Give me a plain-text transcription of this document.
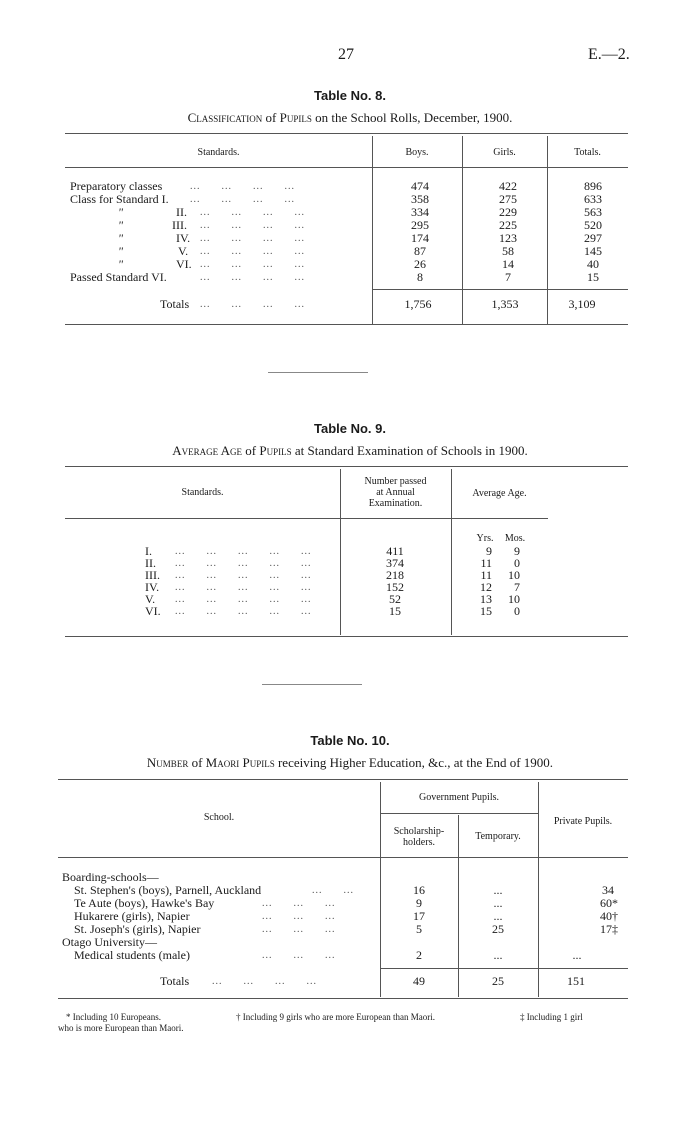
27	E.—2.
Table No. 8.
Classification of Pupils on the School Rolls, December, 1900.
Standards.	Boys.	Girls.	Totals.
Preparatory classes	...      ...      ...      ...	474	422	896
Class for Standard I. ...      ...      ...      ...	358	275	633
"	II. ...      ...      ...      ...	334	229	563
"	III. ...      ...      ...      ...	295	225	520
"	IV. ...      ...      ...      ...	174	123	297
"	V. ...      ...      ...      ...	87	58	145
"	VI. ...      ...      ...      ...	26	14	40
Passed Standard VI.	...      ...      ...      ...	8	7	15
Totals ...      ...      ...      ...	1,756	1,353	3,109
Table No. 9.
Average Age of Pupils at Standard Examination of Schools in 1900.
Standards.
Number passed
at Annual
Examination.
Average Age.
Yrs.	Mos.
I. ...      ...      ...      ...      ...	411	9	9
II. ...      ...      ...      ...      ...	374	11	0
III. ...      ...      ...      ...      ...	218	11	10
IV. ...      ...      ...      ...      ...	152	12	7
V. ...      ...      ...      ...      ...	52	13	10
VI. ...      ...      ...      ...      ...	15	15	0
Table No. 10.
Number of Maori Pupils receiving Higher Education, &c., at the End of 1900.
School.
Government Pupils.
Scholarship-
holders.
Temporary.
Private Pupils.
Boarding-schools—
St. Stephen's (boys), Parnell, Auckland	...      ...	16	...	34
Te Aute (boys), Hawke's Bay	...      ...      ...	9	...	60*
Hukarere (girls), Napier	...      ...      ...	17	...	40†
St. Joseph's (girls), Napier	...      ...      ...	5	25	17‡
Otago University—
Medical students (male)	...      ...      ...	2	...	...
Totals ...      ...      ...      ...	49	25	151
* Including 10 Europeans.	† Including 9 girls who are more European than Maori.	‡ Including 1 girl
who is more European than Maori.
